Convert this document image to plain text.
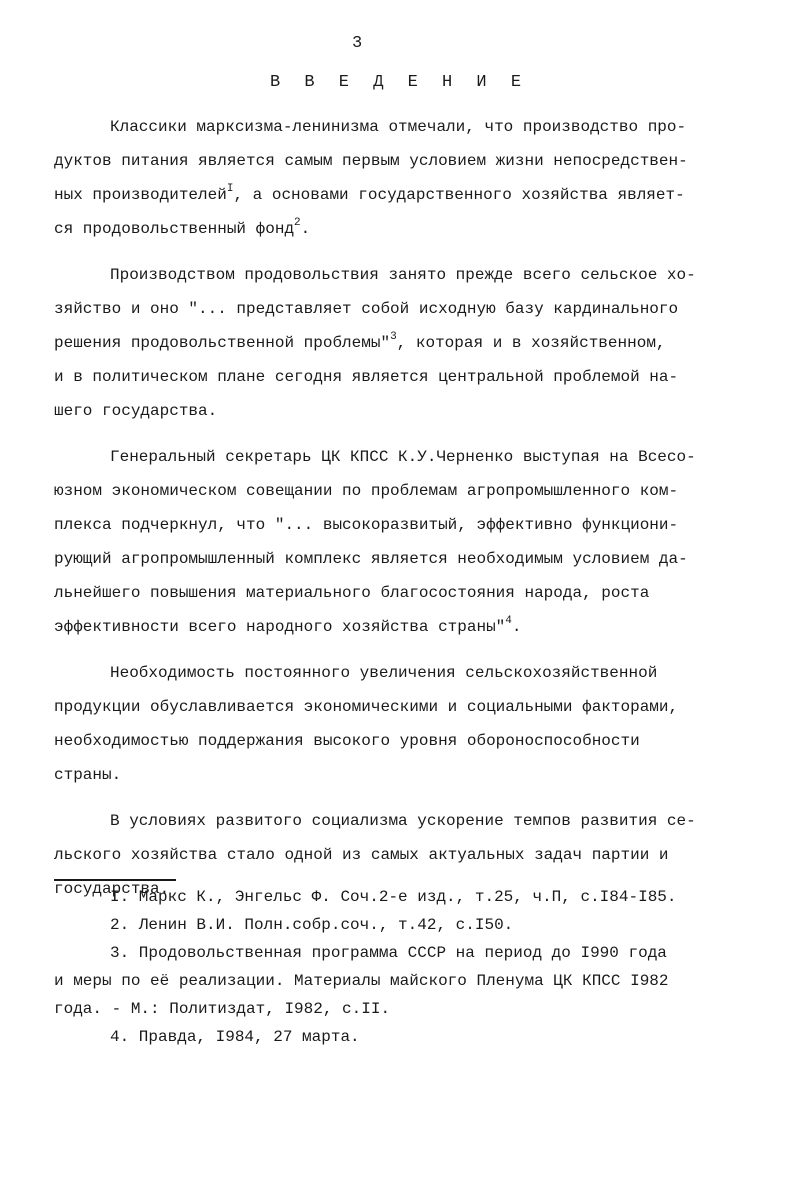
3
В В Е Д Е Н И Е

Классики марксизма-ленинизма отмечали, что производство про-
дуктов питания является самым первым условием жизни непосредствен-
ных производителей$^I$, а основами государственного хозяйства являет-
ся продовольственный фонд$^2$.

Производством продовольствия занято прежде всего сельское хо-
зяйство и оно "... представляет собой исходную базу кардинального
решения продовольственной проблемы"$^3$, которая и в хозяйственном,
и в политическом плане сегодня является центральной проблемой на-
шего государства.

Генеральный секретарь ЦК КПСС К.У.Черненко выступая на Всесо-
юзном экономическом совещании по проблемам агропромышленного ком-
плекса подчеркнул, что "... высокоразвитый, эффективно функциони-
рующий агропромышленный комплекс является необходимым условием да-
льнейшего повышения материального благосостояния народа, роста
эффективности всего народного хозяйства страны"$^4$.

Необходимость постоянного увеличения сельскохозяйственной
продукции обуславливается экономическими и социальными факторами,
необходимостью поддержания высокого уровня обороноспособности
страны.

В условиях развитого социализма ускорение темпов развития се-
льского хозяйства стало одной из самых актуальных задач партии и
государства.

I. Маркс К., Энгельс Ф. Соч.2-е изд., т.25, ч.П, с.I84-I85.

2. Ленин В.И. Полн.собр.соч., т.42, с.I50.

3. Продовольственная программа СССР на период до I990 года
и меры по её реализации. Материалы майского Пленума ЦК КПСС I982
года. - М.: Политиздат, I982, с.II.

4. Правда, I984, 27 марта.
